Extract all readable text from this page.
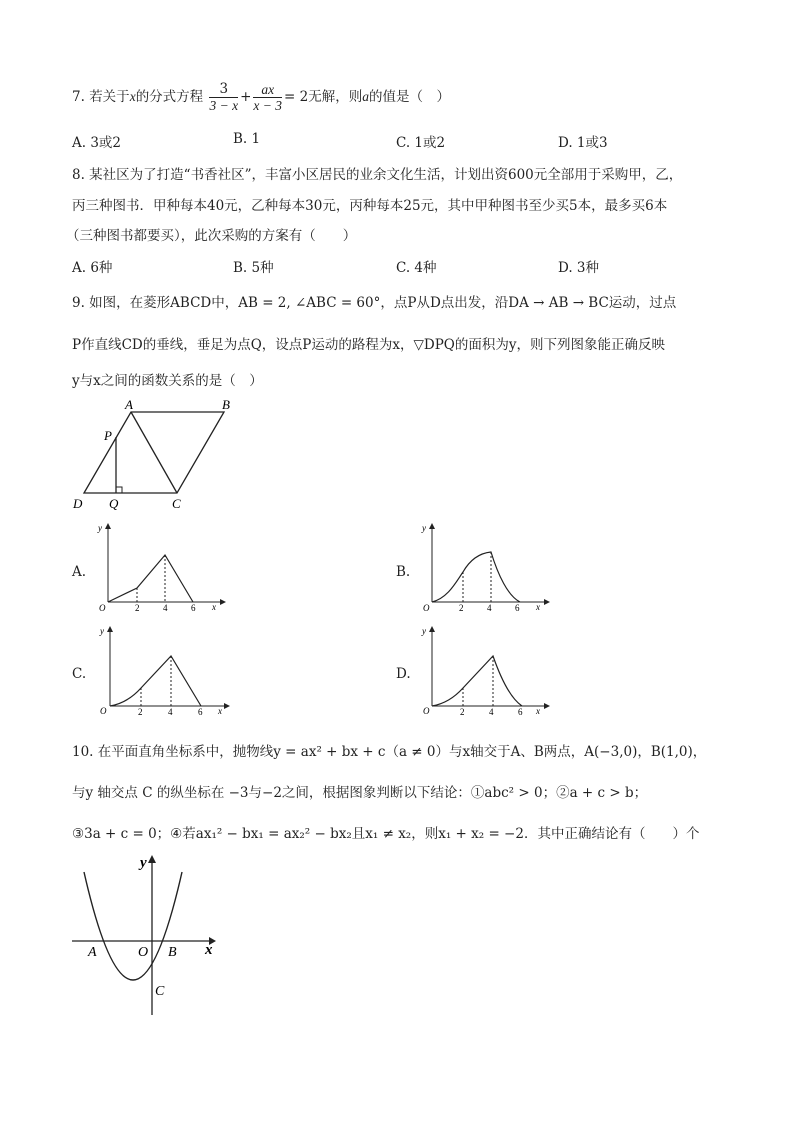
7. 若关于x的分式方程 $\frac{3}{3 - x} + \frac{ax}{x - 3} = 2$无解，则a的值是（　）
A. 3或2	B. 1	C. 1或2	D. 1或3
8. 某社区为了打造“书香社区”，丰富小区居民的业余文化生活，计划出资600元全部用于采购甲，乙，
丙三种图书．甲种每本40元，乙种每本30元，丙种每本25元，其中甲种图书至少买5本，最多买6本
（三种图书都要买），此次采购的方案有（　　）
A. 6种	B. 5种	C. 4种	D. 3种
9. 如图，在菱形ABCD中，AB = 2, ∠ABC = 60°，点P从D点出发，沿DA → AB → BC运动，过点
P作直线CD的垂线，垂足为点Q，设点P运动的路程为x，▽DPQ的面积为y，则下列图象能正确反映
y与x之间的函数关系的是（　）
A	B
C
D
P
Q
A.
y
x
O	2	4	6
B.
y
x
O	2	4	6
C.
y
x
O	2	4	6
D.
y
x
O	2	4	6
10. 在平面直角坐标系中，抛物线y = ax² + bx + c（a ≠ 0）与x轴交于A、B两点，A(−3,0)，B(1,0)，
与y 轴交点 C 的纵坐标在 −3与−2之间，根据图象判断以下结论：①abc² > 0；②a + c > b；
③3a + c = 0；④若ax₁² − bx₁ = ax₂² − bx₂且x₁ ≠ x₂，则x₁ + x₂ = −2．其中正确结论有（　　）个
y
x
O
A	B
C
